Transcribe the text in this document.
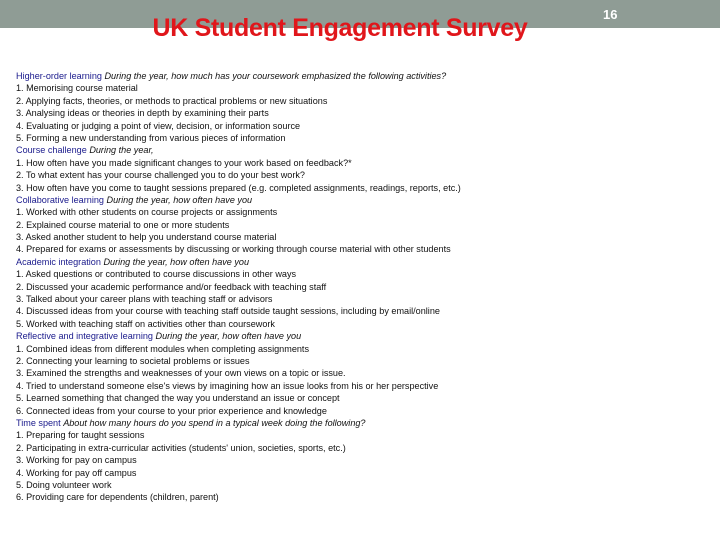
16
UK Student Engagement Survey
Higher-order learning During the year, how much has your coursework emphasized the following activities?
1. Memorising course material
2. Applying facts, theories, or methods to practical problems or new situations
3. Analysing ideas or theories in depth by examining their parts
4. Evaluating or judging a point of view, decision, or information source
5. Forming a new understanding from various pieces of information
Course challenge During the year,
1. How often have you made significant changes to your work based on feedback?*
2. To what extent has your course challenged you to do your best work?
3. How often have you come to taught sessions prepared (e.g. completed assignments, readings, reports, etc.)
Collaborative learning During the year, how often have you
1. Worked with other students on course projects or assignments
2. Explained course material to one or more students
3. Asked another student to help you understand course material
4. Prepared for exams or assessments by discussing or working through course material with other students
Academic integration During the year, how often have you
1. Asked questions or contributed to course discussions in other ways
2. Discussed your academic performance and/or feedback with teaching staff
3. Talked about your career plans with teaching staff or advisors
4. Discussed ideas from your course with teaching staff outside taught sessions, including by email/online
5. Worked with teaching staff on activities other than coursework
Reflective and integrative learning During the year, how often have you
1. Combined ideas from different modules when completing assignments
2. Connecting your learning to societal problems or issues
3. Examined the strengths and weaknesses of your own views on a topic or issue.
4. Tried to understand someone else's views by imagining how an issue looks from his or her perspective
5. Learned something that changed the way you understand an issue or concept
6. Connected ideas from your course to your prior experience and knowledge
Time spent About how many hours do you spend in a typical week doing the following?
1. Preparing for taught sessions
2. Participating in extra-curricular activities (students' union, societies, sports, etc.)
3. Working for pay on campus
4. Working for pay off campus
5. Doing volunteer work
6. Providing care for dependents (children, parent)
